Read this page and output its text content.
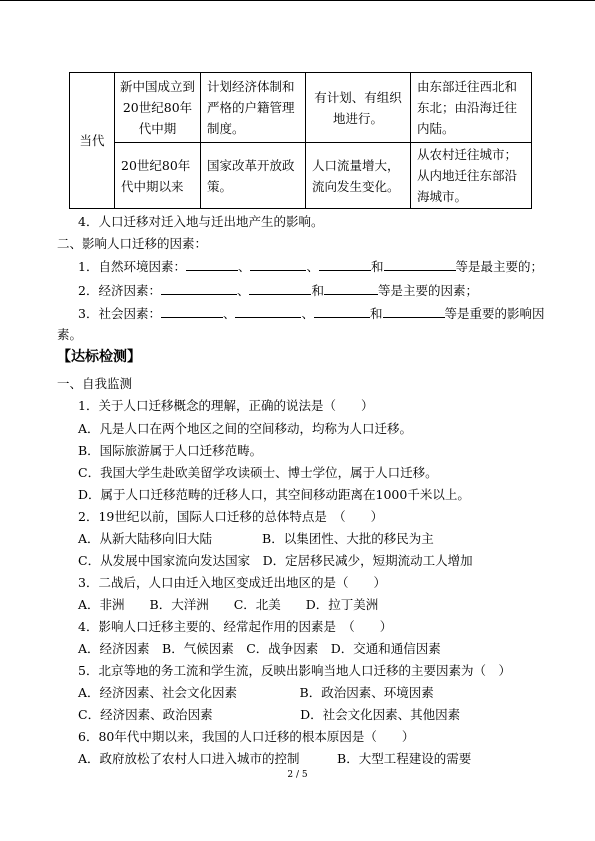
当代	新中国成立到20世纪80年代中期	计划经济体制和严格的户籍管理制度。	有计划、有组织地进行。	由东部迁往西北和东北；由沿海迁往内陆。
	20世纪80年代中期以来	国家改革开放政策。	人口流量增大，流向发生变化。	从农村迁往城市；从内地迁往东部沿海城市。
4．人口迁移对迁入地与迁出地产生的影响。
二、影响人口迁移的因素：
1．自然环境因素：	、	、	和	等是最主要的；
2．经济因素：	、	和	等是主要的因素；
3．社会因素：	、	、	和	等是重要的影响因
素。
【达标检测】
一、自我监测
1．关于人口迁移概念的理解，正确的说法是（　　）
A．凡是人口在两个地区之间的空间移动，均称为人口迁移。
B．国际旅游属于人口迁移范畴。
C．我国大学生赴欧美留学攻读硕士、博士学位，属于人口迁移。
D．属于人口迁移范畴的迁移人口，其空间移动距离在1000千米以上。
2．19世纪以前，国际人口迁移的总体特点是　（　　）
A．从新大陆移向旧大陆　　　　B．以集团性、大批的移民为主
C．从发展中国家流向发达国家　D．定居移民减少，短期流动工人增加
3．二战后，人口由迁入地区变成迁出地区的是（　　）
A．非洲　　B．大洋洲　　C．北美　　D．拉丁美洲
4．影响人口迁移主要的、经常起作用的因素是　（　　）
A．经济因素　B．气候因素　C．战争因素　D．交通和通信因素
5．北京等地的务工流和学生流，反映出影响当地人口迁移的主要因素为（　）
A．经济因素、社会文化因素　　　　　B．政治因素、环境因素
C．经济因素、政治因素　　　　　　　D．社会文化因素、其他因素
6．80年代中期以来，我国的人口迁移的根本原因是（　　）
A．政府放松了农村人口进入城市的控制　　　B．大型工程建设的需要
2 / 5
